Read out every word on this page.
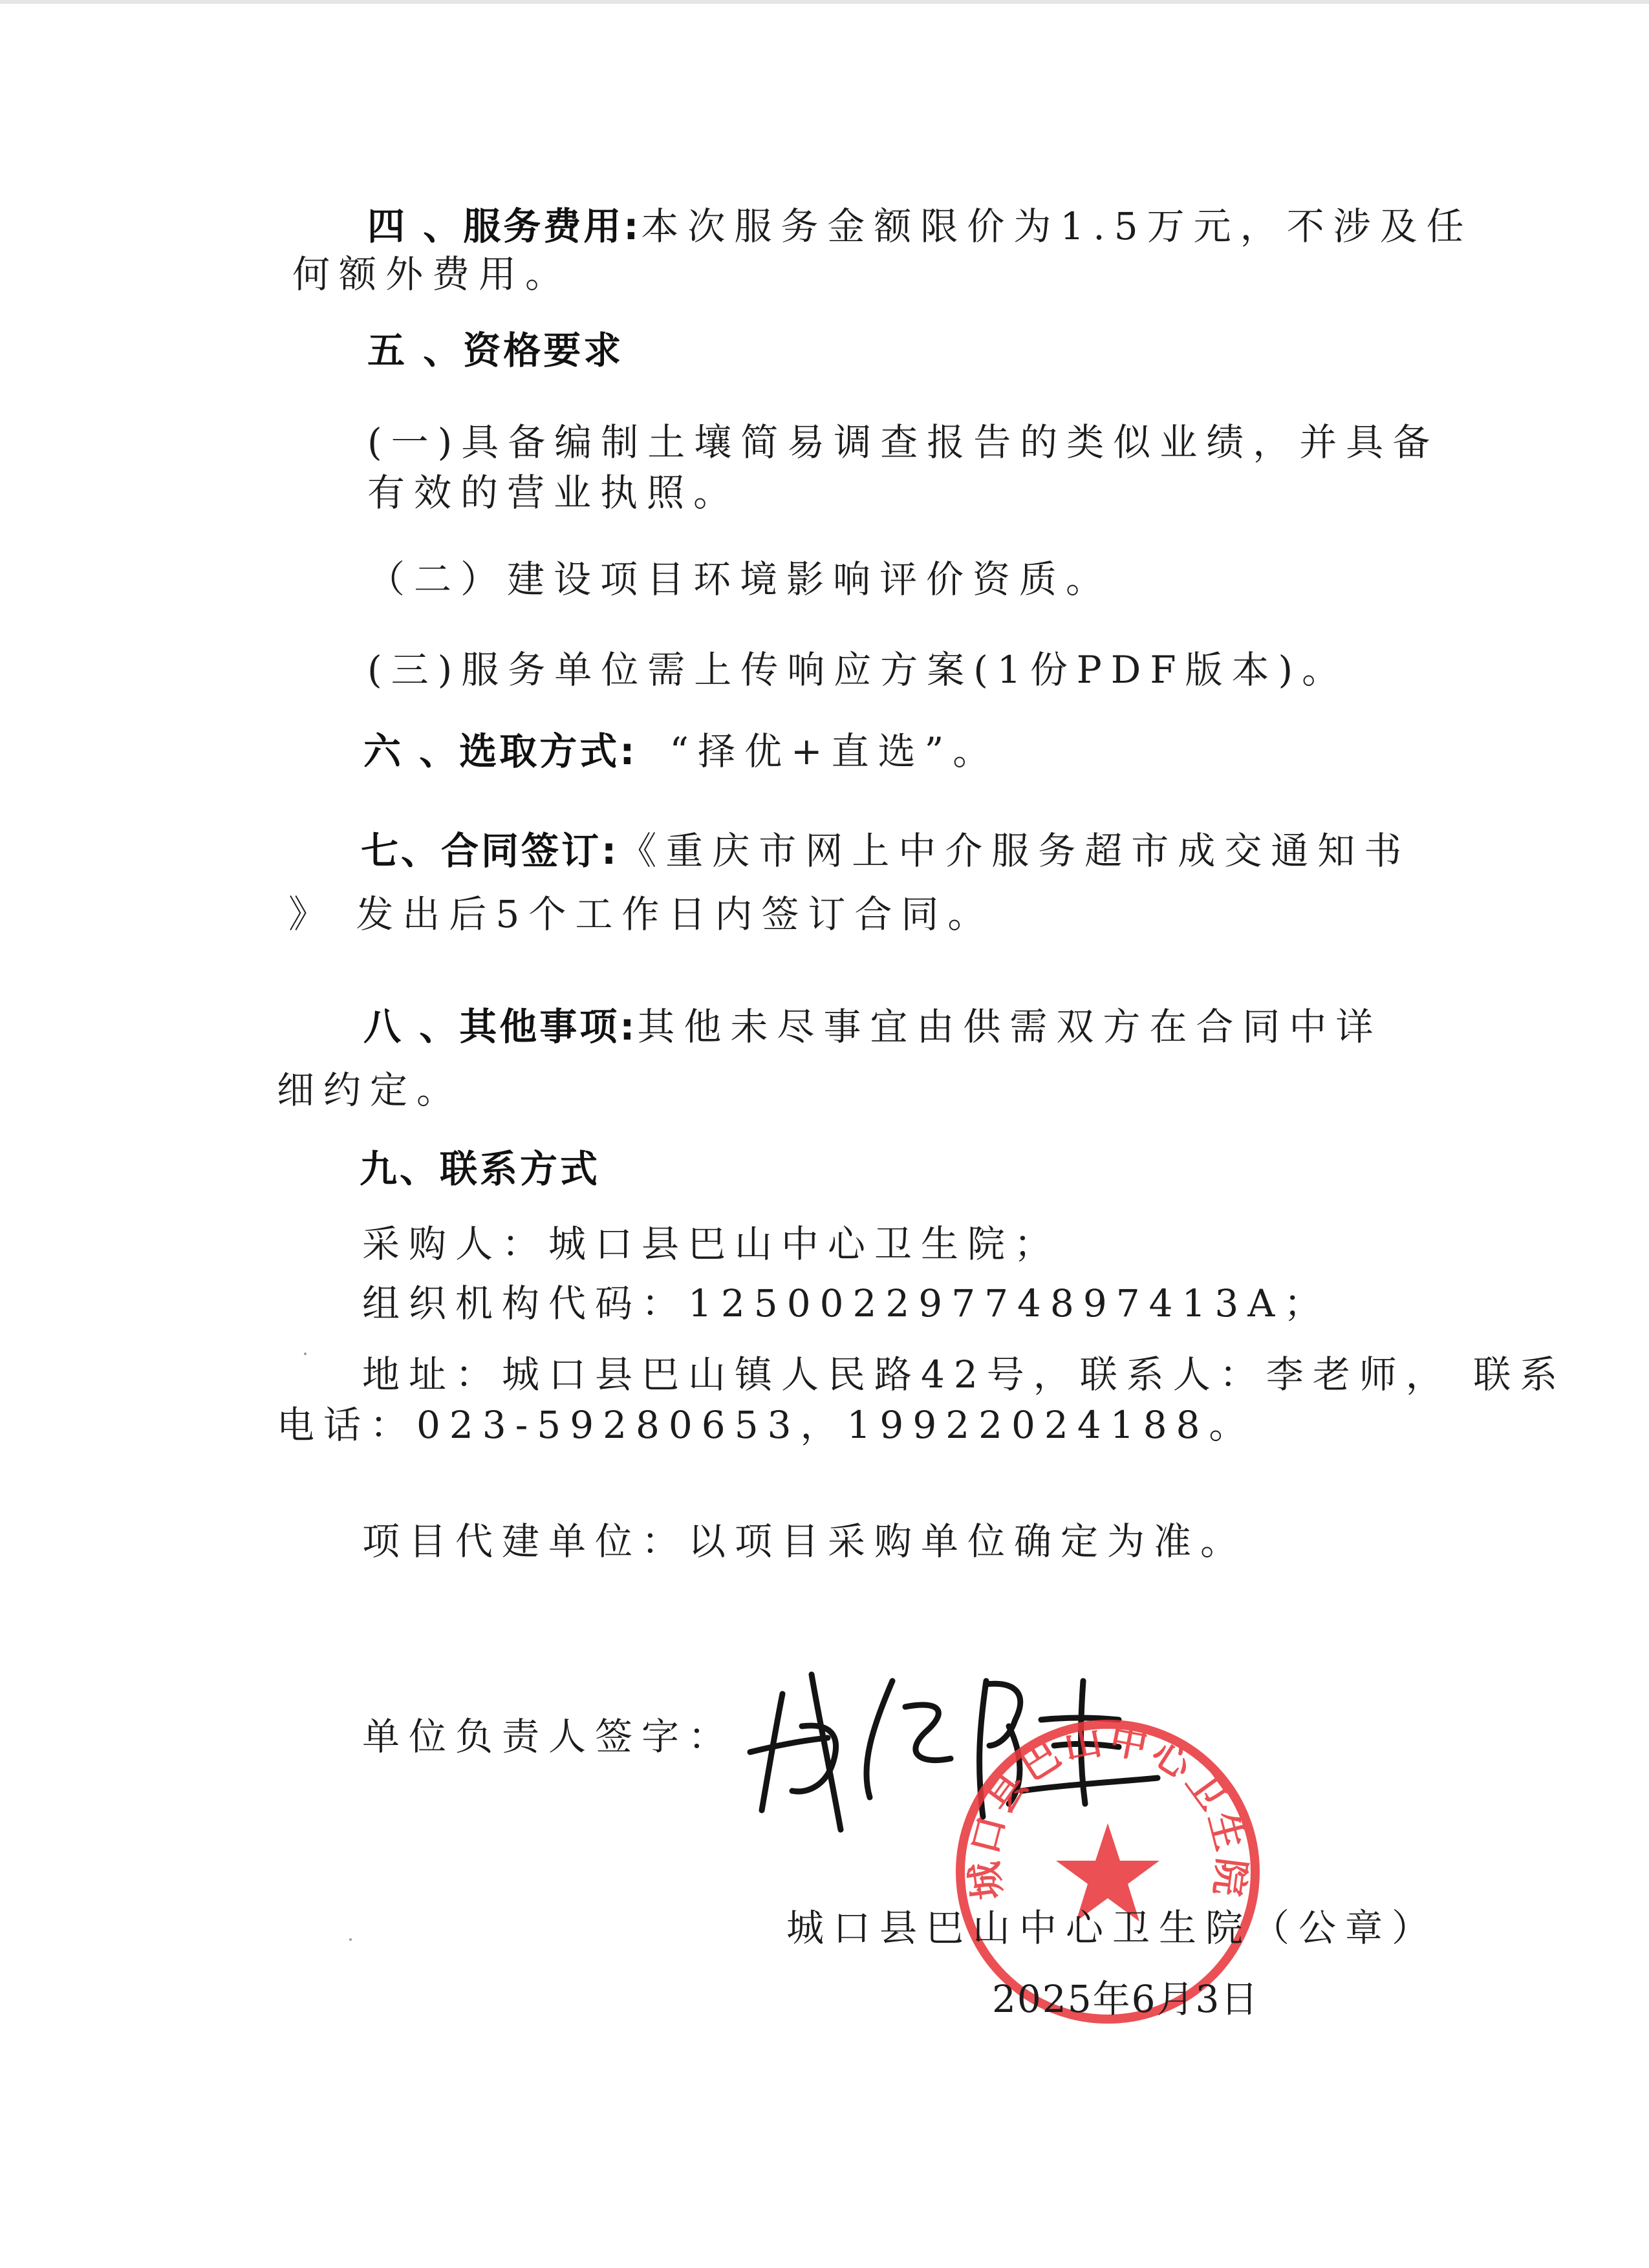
四 、服务费用:本次服务金额限价为1.5万元，不涉及任
何额外费用。
五 、资格要求
(一)具备编制土壤简易调查报告的类似业绩，并具备
有效的营业执照。
（二）建设项目环境影响评价资质。
(三)服务单位需上传响应方案(1份PDF版本)。
六 、选取方式: “择优+直选”。
七、合同签订:《重庆市网上中介服务超市成交通知书
》 发出后5个工作日内签订合同。
八 、其他事项:其他未尽事宜由供需双方在合同中详
细约定。
九、联系方式
采购人：城口县巴山中心卫生院；
组织机构代码：12500229774897413A；
地址：城口县巴山镇人民路42号，联系人：李老师， 联系
电话：023-59280653，19922024188。
项目代建单位：以项目采购单位确定为准。
单位负责人签字：
城口县巴山中心卫生院
城口县巴山中心卫生院（公章）
2025年6月3日
